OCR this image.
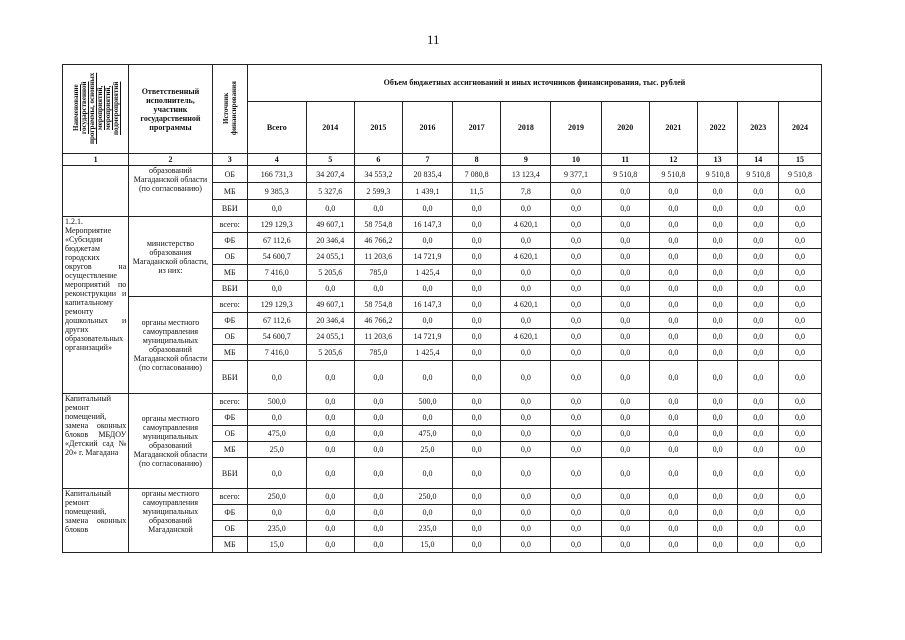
11
Наименование государственной программы, основных мероприятий, мероприятий, подмероприятий	Ответственный исполнитель, участник государственной программы	Источник финансирования	Объем бюджетных ассигнований и иных источников финансирования, тыс. рублей											
			Всего	2014	2015	2016	2017	2018	2019	2020	2021	2022	2023	2024
1	2	3	4	5	6	7	8	9	10	11	12	13	14	15
	образований Магаданской области (по согласованию)	ОБ	166 731,3	34 207,4	34 553,2	20 835,4	7 080,8	13 123,4	9 377,1	9 510,8	9 510,8	9 510,8	9 510,8	9 510,8
		МБ	9 385,3	5 327,6	2 599,3	1 439,1	11,5	7,8	0,0	0,0	0,0	0,0	0,0	0,0
		ВБИ	0,0	0,0	0,0	0,0	0,0	0,0	0,0	0,0	0,0	0,0	0,0	0,0
1.2.1. Мероприятие «Субсидии бюджетам городских округов на осуществление мероприятий по реконструкции и капитальному ремонту дошкольных и других образовательных организаций»	министерство образования Магаданской области, из них:	всего:	129 129,3	49 607,1	58 754,8	16 147,3	0,0	4 620,1	0,0	0,0	0,0	0,0	0,0	0,0
		ФБ	67 112,6	20 346,4	46 766,2	0,0	0,0	0,0	0,0	0,0	0,0	0,0	0,0	0,0
		ОБ	54 600,7	24 055,1	11 203,6	14 721,9	0,0	4 620,1	0,0	0,0	0,0	0,0	0,0	0,0
		МБ	7 416,0	5 205,6	785,0	1 425,4	0,0	0,0	0,0	0,0	0,0	0,0	0,0	0,0
		ВБИ	0,0	0,0	0,0	0,0	0,0	0,0	0,0	0,0	0,0	0,0	0,0	0,0
	органы местного самоуправления муниципальных образований Магаданской области (по согласованию)	всего:	129 129,3	49 607,1	58 754,8	16 147,3	0,0	4 620,1	0,0	0,0	0,0	0,0	0,0	0,0
		ФБ	67 112,6	20 346,4	46 766,2	0,0	0,0	0,0	0,0	0,0	0,0	0,0	0,0	0,0
		ОБ	54 600,7	24 055,1	11 203,6	14 721,9	0,0	4 620,1	0,0	0,0	0,0	0,0	0,0	0,0
		МБ	7 416,0	5 205,6	785,0	1 425,4	0,0	0,0	0,0	0,0	0,0	0,0	0,0	0,0
		ВБИ	0,0	0,0	0,0	0,0	0,0	0,0	0,0	0,0	0,0	0,0	0,0	0,0
Капитальный ремонт помещений, замена оконных блоков МБДОУ «Детский сад № 20» г. Магадана	органы местного самоуправления муниципальных образований Магаданской области (по согласованию)	всего:	500,0	0,0	0,0	500,0	0,0	0,0	0,0	0,0	0,0	0,0	0,0	0,0
		ФБ	0,0	0,0	0,0	0,0	0,0	0,0	0,0	0,0	0,0	0,0	0,0	0,0
		ОБ	475,0	0,0	0,0	475,0	0,0	0,0	0,0	0,0	0,0	0,0	0,0	0,0
		МБ	25,0	0,0	0,0	25,0	0,0	0,0	0,0	0,0	0,0	0,0	0,0	0,0
		ВБИ	0,0	0,0	0,0	0,0	0,0	0,0	0,0	0,0	0,0	0,0	0,0	0,0
Капитальный ремонт помещений, замена оконных блоков	органы местного самоуправления муниципальных образований Магаданской	всего:	250,0	0,0	0,0	250,0	0,0	0,0	0,0	0,0	0,0	0,0	0,0	0,0
		ФБ	0,0	0,0	0,0	0,0	0,0	0,0	0,0	0,0	0,0	0,0	0,0	0,0
		ОБ	235,0	0,0	0,0	235,0	0,0	0,0	0,0	0,0	0,0	0,0	0,0	0,0
		МБ	15,0	0,0	0,0	15,0	0,0	0,0	0,0	0,0	0,0	0,0	0,0	0,0
